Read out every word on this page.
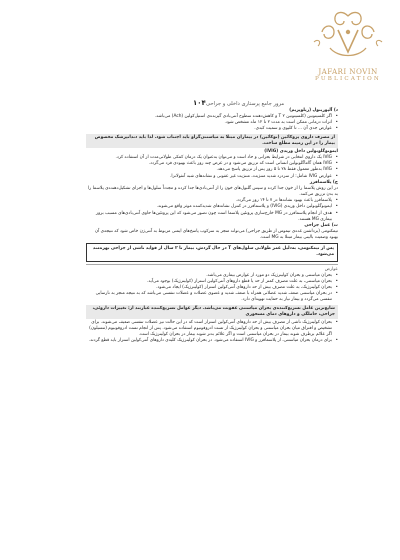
JAFARI NOVIN
PUBLICATION
۱۰۴ مرور جامع پرستاری داخلی و جراحی

د) آلپورینول (زیلوپریم)

• اگر کلسیتونین (کلسیتونین T ۲ و کاهش‌دهنده سطوح آنتی‌بادی گیرنده‌ی استیل‌کولین (Ach) می‌باشد.

• اثرات درمانی ممکن است به مدت ۲ تا ۱۲ ماه مشخص شود.

• عوارض جدی آن ... تا کلیوی و سمیت کبدی.

از مصرف داروی پروکائین (نوکائین) در بیماران مبتلا به میاستنی‌گراو باید اجتناب شود. لذا باید دندانپزشک مخصوص بیمار را در این زمینه مطلع ساخت.

ایمونوگلوبولین داخل وریدی (IVIG)

• IVIG یک داروی انتخابی در شرایط بحرانی و حاد است و می‌توان به‌عنوان یک درمان کمکی طولانی‌مدت از آن استفاده کرد.

• IVIG همان گاماگلوبولین انسانی است که تزریق می‌شود و در عرض چند روز باعث بهبودی فرد می‌گردد.

• IVIG به‌طور معمول فقط ۲۸ تا ۵ روز پس از تزریق پاسخ می‌دهد.

• عوارض IVIG شامل: از سردرد شدید مننژیت، مننژیت غیر عفونی و نشانه‌های شبه آنفولانزا.

ج) پلاسمافرز

در این روش پلاسما را از خون جدا کرده و سپس گلبول‌های خون را از آنتی‌بادی‌ها جدا کرده و مجدداً سلول‌ها و اجزای تشکیل‌دهنده‌ی پلاسما را به بدن تزریق می‌کنند.

• پلاسمافرز باعث بهبود نشانه‌ها در ۷ تا ۱۴ روز می‌گردد.

• ایمونوگلوبولین داخل وریدی (IVIG) و پلاسمافرز در کنترل نشانه‌های شدیدکننده موثر واقع می‌شوند.

• هدف از انجام پلاسمافرز در MG خارج‌سازی پروتئین پلاسما است چون تصور می‌شود که این پروتئین‌ها حاوی آنتی‌بادی‌های مسبب بروز بیماری MG هستند.

ت) عمل جراحی

تیمکتومی (برداشتن غده‌ی تیموس از طریق جراحی) می‌تواند منجر به سرکوب پاسخ‌های ایمنی مربوط به آنتی‌ژن خاص شود که نتیجه‌ی آن بهبود وضعیت بالینی بیمار مبتلا به MG است.

پس از تیمکتومی، به‌دلیل عمر طولانی سلول‌های T در حال گردش، بیمار تا ۳ سال از فواید ناشی از جراحی بهره‌مند می‌شود.

عوارض

• بحران میاستنی و بحران کولینرژیک دو مورد از عوارض بیماری می‌باشد.

• بحران میاستنی، به علت مصرف کمتر از حد یا قطع داروهای آنتی‌کولین استراز (کولینرژیک) بوجود می‌آید.

• بحران کولینرژیک، به علت مصرف بیش از حد داروهای آنتی‌کولین استراز (کولینرژیک) ایجاد می‌شود.

• در بحران میاستنی ضعف شدید عضلانی همراه با ضعف شدید و عضوی عضلات و عضلات تنفسی می‌باشد که به نتیجه منجر به نارسایی تنفسی می‌گردد و بیمار نیاز به حمایت تهویه‌ای دارد.

شایع‌ترین عامل تسریع‌کننده‌ی بحران میاستنی عفونت می‌باشد. دیگر عوامل تسریع‌کننده عبارتند از: تغییرات داروئی، جراحی، حاملگی و داروهای دمای مسحوری

• بحران کولینرژیک ناشی از مصرف بیش از حد داروهای آنتی‌کولین استراز است که در این حالت نیز عضلات تنفسی ضعیف می‌شوند. برای تشخیص و افتراق میان بحران میاستنی و بحران کولینرژیک از تست ادروفونیوم استفاده می‌شود. پس از انجام تست ادروفونیوم (تنسیلون) اگر علائم برطرف شوند بیمار در بحران میاستنی است و اگر علائم بدتر شوند بیمار در بحران کولینرژیک است.

• برای درمان بحران میاستنی، از پلاسمافرز و IVIG استفاده می‌شود. در بحران کولینرژیک کلیه‌ی داروهای آنتی‌کولین استراز باید قطع گردند.
